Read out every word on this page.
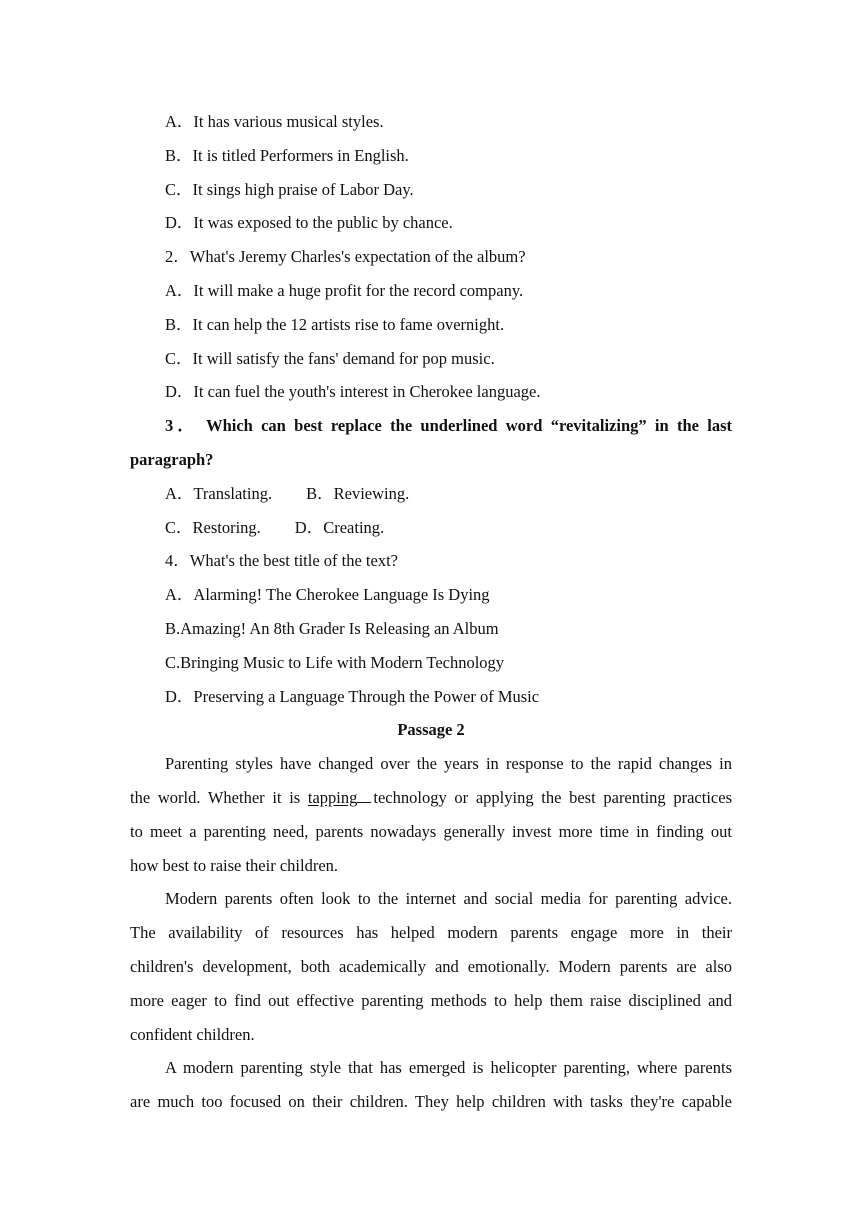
A．It has various musical styles.
B．It is titled Performers in English.
C．It sings high praise of Labor Day.
D．It was exposed to the public by chance.
2．What's Jeremy Charles's expectation of the album?
A．It will make a huge profit for the record company.
B．It can help the 12 artists rise to fame overnight.
C．It will satisfy the fans' demand for pop music.
D．It can fuel the youth's interest in Cherokee language.
3． Which can best replace the underlined word “revitalizing” in the last
paragraph?
A．Translating. B．Reviewing.
C．Restoring. D．Creating.
4．What's the best title of the text?
A．Alarming! The Cherokee Language Is Dying
B.Amazing! An 8th Grader Is Releasing an Album
C.Bringing Music to Life with Modern Technology
D．Preserving a Language Through the Power of Music
Passage 2
Parenting styles have changed over the years in response to the rapid changes in
the world. Whether it is tapping technology or applying the best parenting practices
to meet a parenting need, parents nowadays generally invest more time in finding out
how best to raise their children.
Modern parents often look to the internet and social media for parenting advice.
The availability of resources has helped modern parents engage more in their
children's development, both academically and emotionally. Modern parents are also
more eager to find out effective parenting methods to help them raise disciplined and
confident children.
A modern parenting style that has emerged is helicopter parenting, where parents
are much too focused on their children. They help children with tasks they're capable
